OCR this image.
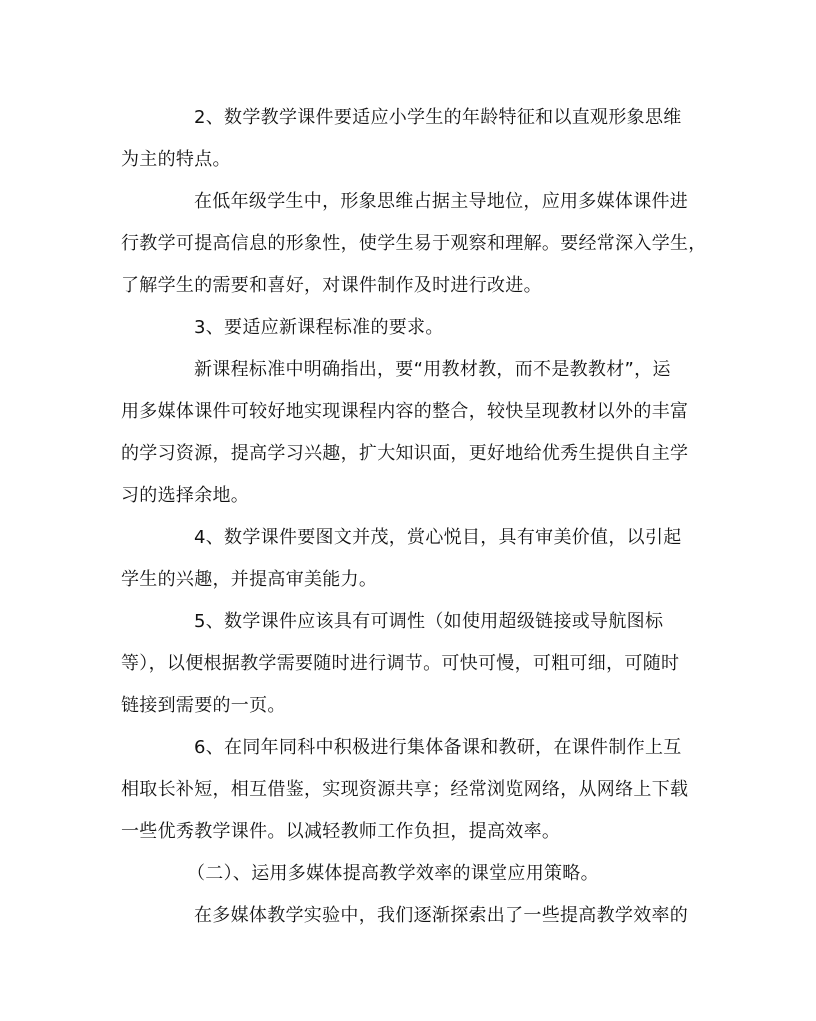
2、数学教学课件要适应小学生的年龄特征和以直观形象思维
为主的特点。
在低年级学生中，形象思维占据主导地位，应用多媒体课件进
行教学可提高信息的形象性，使学生易于观察和理解。要经常深入学生，
了解学生的需要和喜好，对课件制作及时进行改进。
3、要适应新课程标准的要求。
新课程标准中明确指出，要“用教材教，而不是教教材”，运
用多媒体课件可较好地实现课程内容的整合，较快呈现教材以外的丰富
的学习资源，提高学习兴趣，扩大知识面，更好地给优秀生提供自主学
习的选择余地。
4、数学课件要图文并茂，赏心悦目，具有审美价值，以引起
学生的兴趣，并提高审美能力。
5、数学课件应该具有可调性（如使用超级链接或导航图标
等），以便根据教学需要随时进行调节。可快可慢，可粗可细，可随时
链接到需要的一页。
6、在同年同科中积极进行集体备课和教研，在课件制作上互
相取长补短，相互借鉴，实现资源共享；经常浏览网络，从网络上下载
一些优秀教学课件。以减轻教师工作负担，提高效率。
（二）、运用多媒体提高教学效率的课堂应用策略。
在多媒体教学实验中，我们逐渐探索出了一些提高教学效率的
